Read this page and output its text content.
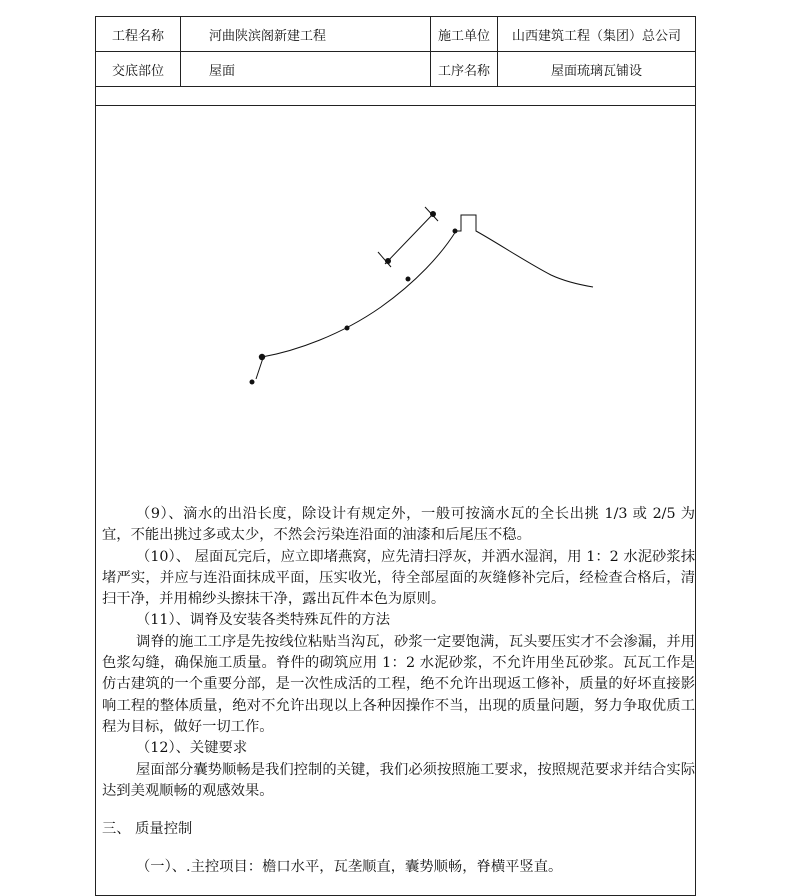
工程名称	河曲陕滨阁新建工程	施工单位	山西建筑工程（集团）总公司
交底部位	屋面	工序名称	屋面琉璃瓦铺设

（9）、滴水的出沿长度，除设计有规定外，一般可按滴水瓦的全长出挑 1/3 或 2/5 为宜，不能出挑过多或太少，不然会污染连沿面的油漆和后尾压不稳。

（10）、 屋面瓦完后，应立即堵燕窝，应先清扫浮灰，并洒水湿润，用 1：2 水泥砂浆抹堵严实，并应与连沿面抹成平面，压实收光，待全部屋面的灰缝修补完后，经检查合格后，清扫干净，并用棉纱头擦抹干净，露出瓦件本色为原则。

（11）、调脊及安装各类特殊瓦件的方法

调脊的施工工序是先按线位粘贴当沟瓦，砂浆一定要饱满，瓦头要压实才不会渗漏，并用色浆勾缝，确保施工质量。脊件的砌筑应用 1：2 水泥砂浆，不允许用坐瓦砂浆。瓦瓦工作是仿古建筑的一个重要分部，是一次性成活的工程，绝不允许出现返工修补，质量的好坏直接影响工程的整体质量，绝对不允许出现以上各种因操作不当，出现的质量问题，努力争取优质工程为目标，做好一切工作。

（12）、关键要求

屋面部分囊势顺畅是我们控制的关键，我们必须按照施工要求，按照规范要求并结合实际达到美观顺畅的观感效果。

三、 质量控制

（一）、.主控项目：檐口水平，瓦垄顺直，囊势顺畅，脊横平竖直。
